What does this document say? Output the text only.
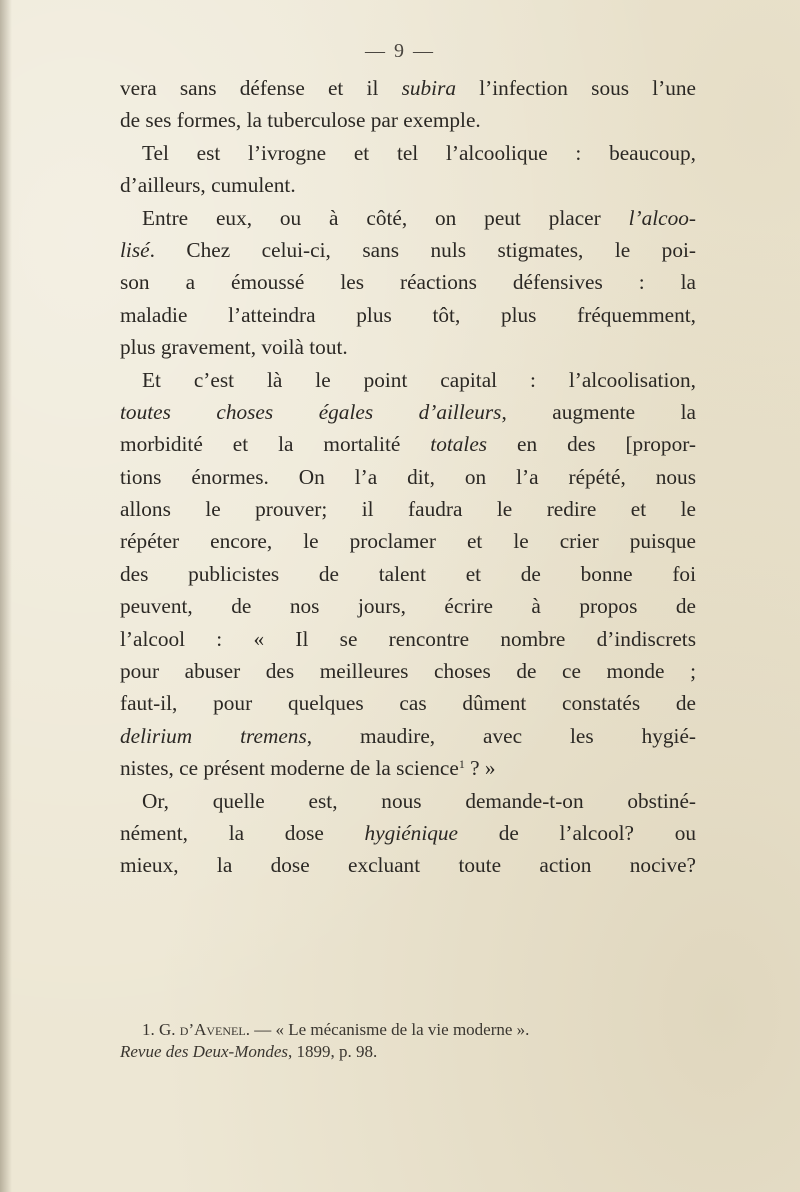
— 9 —
vera sans défense et il subira l’infection sous l’une
de ses formes, la tuberculose par exemple.
Tel est l’ivrogne et tel l’alcoolique : beaucoup,
d’ailleurs, cumulent.
Entre eux, ou à côté, on peut placer l’alcoo-
lisé. Chez celui-ci, sans nuls stigmates, le poi-
son a émoussé les réactions défensives : la
maladie l’atteindra plus tôt, plus fréquemment,
plus gravement, voilà tout.
Et c’est là le point capital : l’alcoolisation,
toutes choses égales d’ailleurs, augmente la
morbidité et la mortalité totales en des [propor-
tions énormes. On l’a dit, on l’a répété, nous
allons le prouver; il faudra le redire et le
répéter encore, le proclamer et le crier puisque
des publicistes de talent et de bonne foi
peuvent, de nos jours, écrire à propos de
l’alcool : « Il se rencontre nombre d’indiscrets
pour abuser des meilleures choses de ce monde ;
faut-il, pour quelques cas dûment constatés de
delirium tremens, maudire, avec les hygié-
nistes, ce présent moderne de la science$^1$ ? »
Or, quelle est, nous demande-t-on obstiné-
nément, la dose hygiénique de l’alcool? ou
mieux, la dose excluant toute action nocive?
1. G. d’Avenel. — « Le mécanisme de la vie moderne ».
Revue des Deux-Mondes, 1899, p. 98.
